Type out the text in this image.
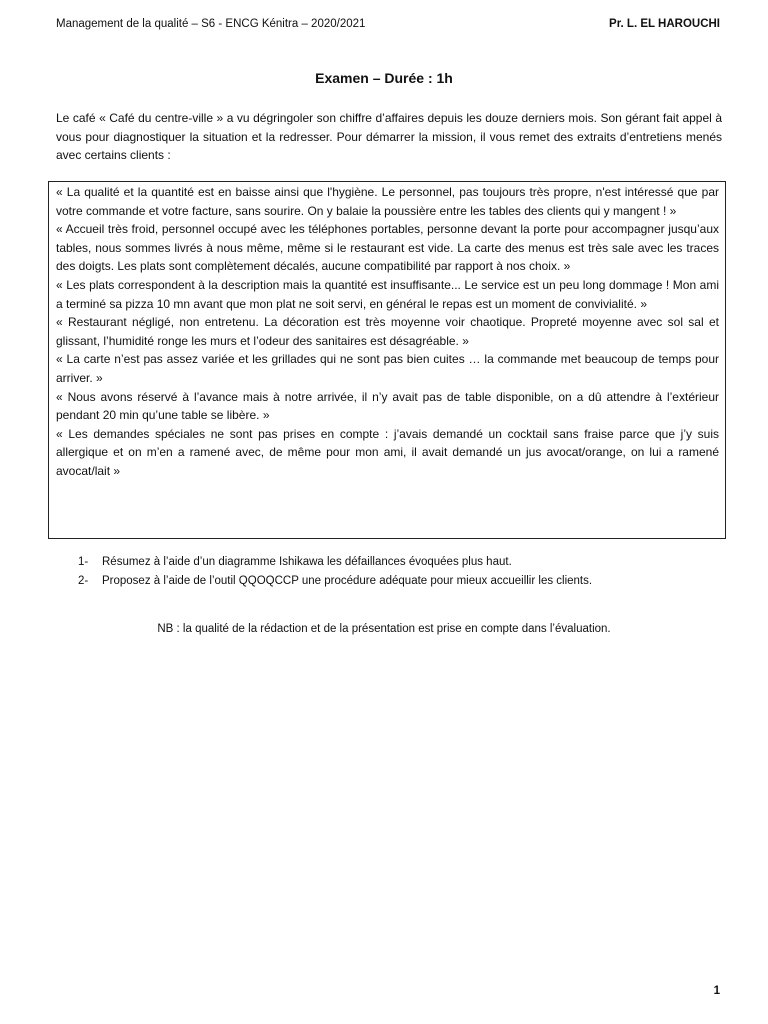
Management de la qualité – S6 - ENCG Kénitra – 2020/2021	Pr. L. EL HAROUCHI
Examen – Durée : 1h

Le café « Café du centre-ville » a vu dégringoler son chiffre d’affaires depuis les douze derniers mois. Son gérant fait appel à vous pour diagnostiquer la situation et la redresser. Pour démarrer la mission, il vous remet des extraits d’entretiens menés avec certains clients :

« La qualité et la quantité est en baisse ainsi que l'hygiène. Le personnel, pas toujours très propre, n'est intéressé que par votre commande et votre facture, sans sourire. On y balaie la poussière entre les tables des clients qui y mangent ! »

« Accueil très froid, personnel occupé avec les téléphones portables, personne devant la porte pour accompagner jusqu’aux tables, nous sommes livrés à nous même, même si le restaurant est vide. La carte des menus est très sale avec les traces des doigts. Les plats sont complètement décalés, aucune compatibilité par rapport à nos choix. »

« Les plats correspondent à la description mais la quantité est insuffisante... Le service est un peu long dommage ! Mon ami a terminé sa pizza 10 mn avant que mon plat ne soit servi, en général le repas est un moment de convivialité. »

« Restaurant négligé, non entretenu. La décoration est très moyenne voir chaotique. Propreté moyenne avec sol sal et glissant, l’humidité ronge les murs et l’odeur des sanitaires est désagréable. »

« La carte n’est pas assez variée et les grillades qui ne sont pas bien cuites … la commande met beaucoup de temps pour arriver. »

« Nous avons réservé à l’avance mais à notre arrivée, il n’y avait pas de table disponible, on a dû attendre à l’extérieur pendant 20 min qu’une table se libère. »

« Les demandes spéciales ne sont pas prises en compte : j’avais demandé un cocktail sans fraise parce que j’y suis allergique et on m’en a ramené avec, de même pour mon ami, il avait demandé un jus avocat/orange, on lui a ramené avocat/lait »

1-	Résumez à l’aide d’un diagramme Ishikawa les défaillances évoquées plus haut.
2-	Proposez à l’aide de l’outil QQOQCCP une procédure adéquate pour mieux accueillir les clients.
NB : la qualité de la rédaction et de la présentation est prise en compte dans l’évaluation.
1
